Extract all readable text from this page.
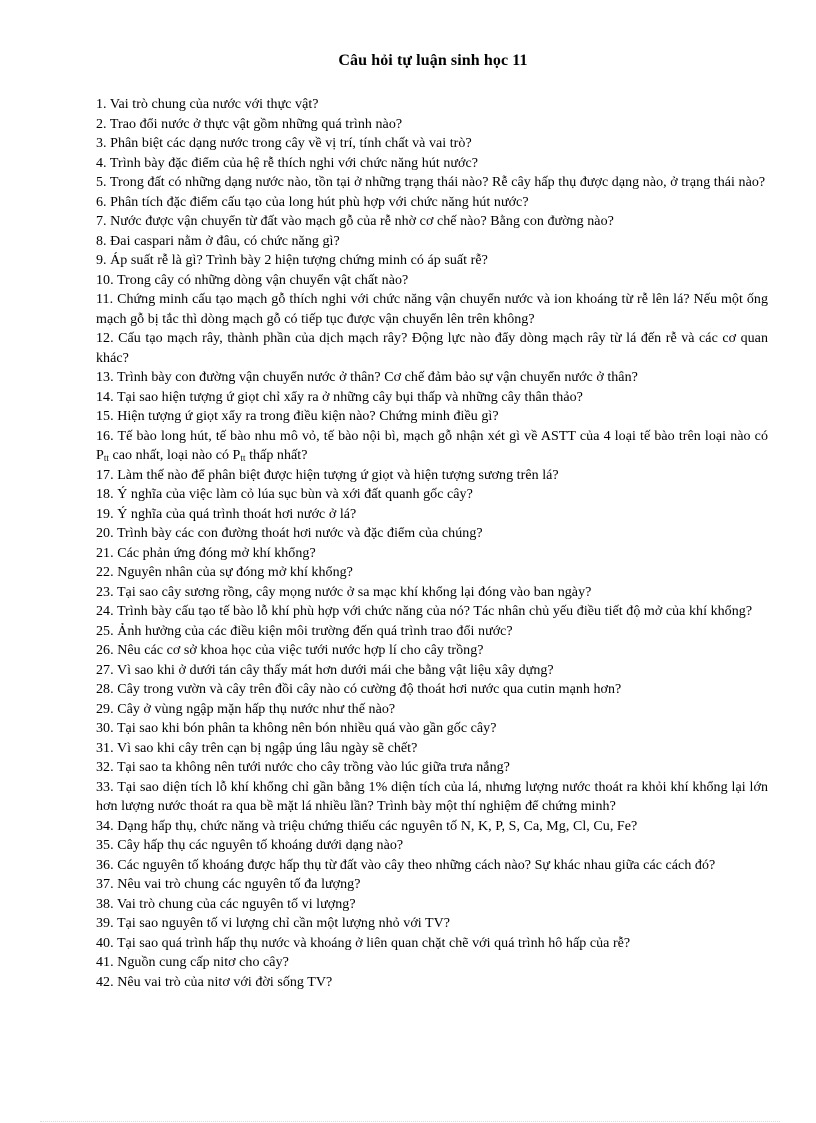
Câu hỏi tự luận sinh học 11

1. Vai trò chung của nước với thực vật?

2. Trao đổi nước ở thực vật gồm những quá trình nào?

3. Phân biệt các dạng nước trong cây về vị trí, tính chất và vai trò?

4. Trình bày đặc điểm của hệ rễ thích nghi với chức năng hút nước?

5. Trong đất có những dạng nước nào, tồn tại ở những trạng thái nào? Rễ cây hấp thụ được dạng nào, ở trạng thái nào?

6. Phân tích đặc điểm cấu tạo của long hút phù hợp với chức năng hút nước?

7. Nước được vận chuyển từ đất vào mạch gỗ của rễ nhờ cơ chế nào? Bằng con đường nào?

8. Đai caspari nằm ở đâu, có chức năng gì?

9. Áp suất rễ là gì? Trình bày 2 hiện tượng chứng minh có áp suất rễ?

10. Trong cây có những dòng vận chuyển vật chất nào?

11. Chứng minh cấu tạo mạch gỗ thích nghi với chức năng vận chuyển nước và ion khoáng từ rễ lên lá? Nếu một ống mạch gỗ bị tắc thì dòng mạch gỗ có tiếp tục được vận chuyển lên trên không?

12. Cấu tạo mạch rây, thành phần của dịch mạch rây? Động lực nào đẩy dòng mạch rây từ lá đến rễ và các cơ quan khác?

13. Trình bày con đường vận chuyển nước ở thân? Cơ chế đảm bảo sự vận chuyển nước ở thân?

14. Tại sao hiện tượng ứ giọt chỉ xẩy ra ở những cây bụi thấp và những cây thân thảo?

15. Hiện tượng ứ giọt xẩy ra trong điều kiện nào? Chứng minh điều gì?

16. Tế bào long hút, tế bào nhu mô vỏ, tế bào nội bì, mạch gỗ nhận xét gì về ASTT của 4 loại tế bào trên loại nào có $P_{tt}$ cao nhất, loại nào có $P_{tt}$ thấp nhất?

17. Làm thế nào để phân biệt được hiện tượng ứ giọt và hiện tượng sương trên lá?

18. Ý nghĩa của việc làm cỏ lúa sục bùn và xới đất quanh gốc cây?

19. Ý nghĩa của quá trình thoát hơi nước ở lá?

20. Trình bày các con đường thoát hơi nước và đặc điểm của chúng?

21. Các phản ứng đóng mở khí khổng?

22. Nguyên nhân của sự đóng mở khí khổng?

23. Tại sao cây sương rồng, cây mọng nước ở sa mạc khí khổng lại đóng vào ban ngày?

24. Trình bày cấu tạo tế bào lỗ khí phù hợp với chức năng của nó? Tác nhân chủ yếu điều tiết độ mở của khí khổng?

25. Ảnh hưởng của các điều kiện môi trường đến quá trình trao đổi nước?

26. Nêu các cơ sở khoa học của việc tưới nước hợp lí cho cây trồng?

27. Vì sao khi ở dưới tán cây thấy mát hơn dưới mái che bằng vật liệu xây dựng?

28. Cây trong vườn và cây trên đồi cây nào có cường độ thoát hơi nước qua cutin mạnh hơn?

29. Cây ở vùng ngập mặn hấp thụ nước như thế nào?

30. Tại sao khi bón phân ta không nên bón nhiều quá vào gần gốc cây?

31. Vì sao khi cây trên cạn bị ngập úng lâu ngày sẽ chết?

32. Tại sao ta không nên tưới nước cho cây trồng vào lúc giữa trưa nắng?

33. Tại sao diện tích lỗ khí khổng chỉ gần bằng 1% diện tích của lá, nhưng lượng nước thoát ra khỏi khí khổng lại lớn hơn lượng nước thoát ra qua bề mặt lá nhiều lần? Trình bày một thí nghiệm để chứng minh?

34. Dạng hấp thụ, chức năng và triệu chứng thiếu các nguyên tố N, K, P, S, Ca, Mg, Cl, Cu, Fe?

35. Cây hấp thụ các nguyên tố khoáng dưới dạng nào?

36. Các nguyên tố khoáng được hấp thụ từ đất vào cây theo những cách nào? Sự khác nhau giữa các cách đó?

37. Nêu vai trò chung các nguyên tố đa lượng?

38. Vai trò chung của các nguyên tố vi lượng?

39. Tại sao nguyên tố vi lượng chỉ cần một lượng nhỏ với TV?

40. Tại sao quá trình hấp thụ nước và khoáng ở liên quan chặt chẽ với quá trình hô hấp của rễ?

41. Nguồn cung cấp nitơ cho cây?

42. Nêu vai trò của nitơ với đời sống TV?
